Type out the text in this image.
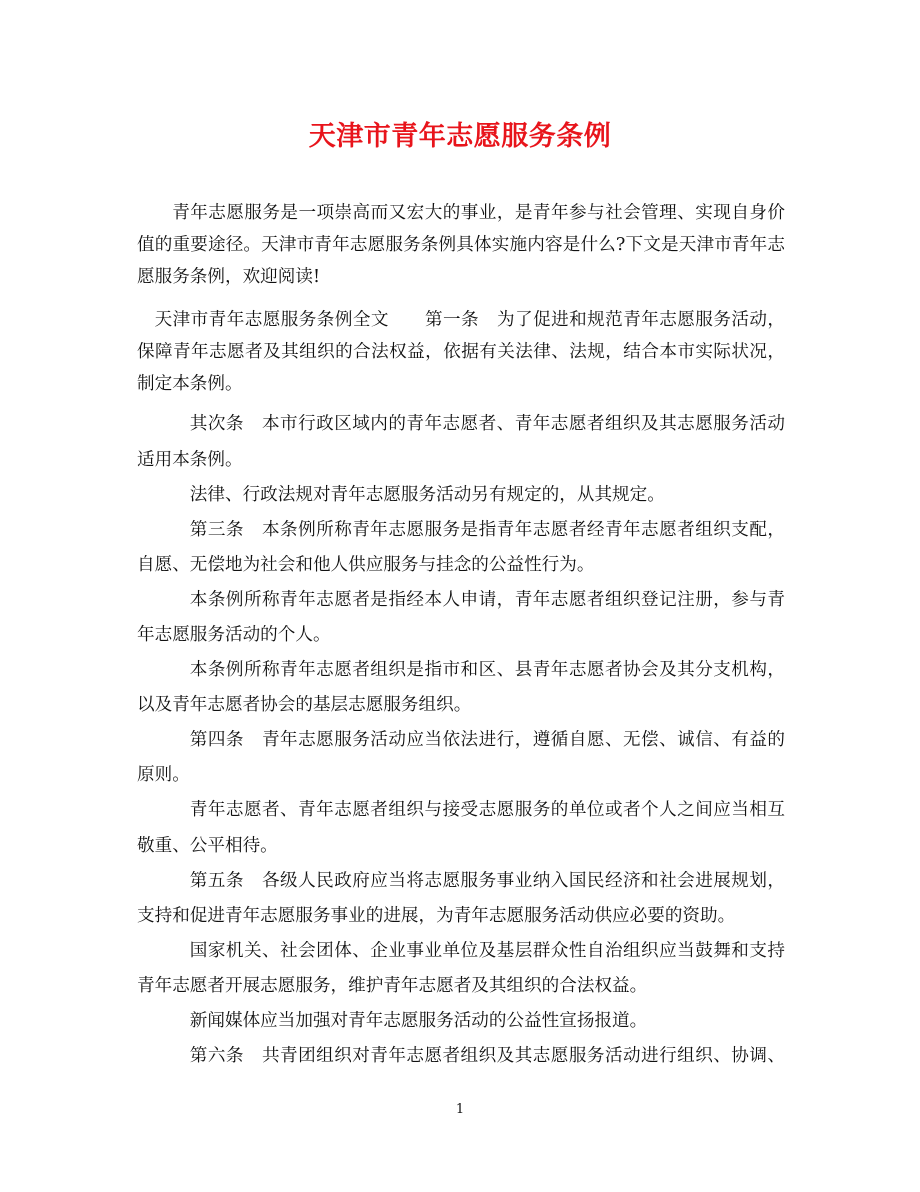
天津市青年志愿服务条例
青年志愿服务是一项崇高而又宏大的事业，是青年参与社会管理、实现自身价
值的重要途径。天津市青年志愿服务条例具体实施内容是什么?下文是天津市青年志
愿服务条例，欢迎阅读!
天津市青年志愿服务条例全文　　第一条　为了促进和规范青年志愿服务活动，
保障青年志愿者及其组织的合法权益，依据有关法律、法规，结合本市实际状况，
制定本条例。
其次条　本市行政区域内的青年志愿者、青年志愿者组织及其志愿服务活动
适用本条例。
法律、行政法规对青年志愿服务活动另有规定的，从其规定。
第三条　本条例所称青年志愿服务是指青年志愿者经青年志愿者组织支配，
自愿、无偿地为社会和他人供应服务与挂念的公益性行为。
本条例所称青年志愿者是指经本人申请，青年志愿者组织登记注册，参与青
年志愿服务活动的个人。
本条例所称青年志愿者组织是指市和区、县青年志愿者协会及其分支机构，
以及青年志愿者协会的基层志愿服务组织。
第四条　青年志愿服务活动应当依法进行，遵循自愿、无偿、诚信、有益的
原则。
青年志愿者、青年志愿者组织与接受志愿服务的单位或者个人之间应当相互
敬重、公平相待。
第五条　各级人民政府应当将志愿服务事业纳入国民经济和社会进展规划，
支持和促进青年志愿服务事业的进展，为青年志愿服务活动供应必要的资助。
国家机关、社会团体、企业事业单位及基层群众性自治组织应当鼓舞和支持
青年志愿者开展志愿服务，维护青年志愿者及其组织的合法权益。
新闻媒体应当加强对青年志愿服务活动的公益性宣扬报道。
第六条　共青团组织对青年志愿者组织及其志愿服务活动进行组织、协调、
1
